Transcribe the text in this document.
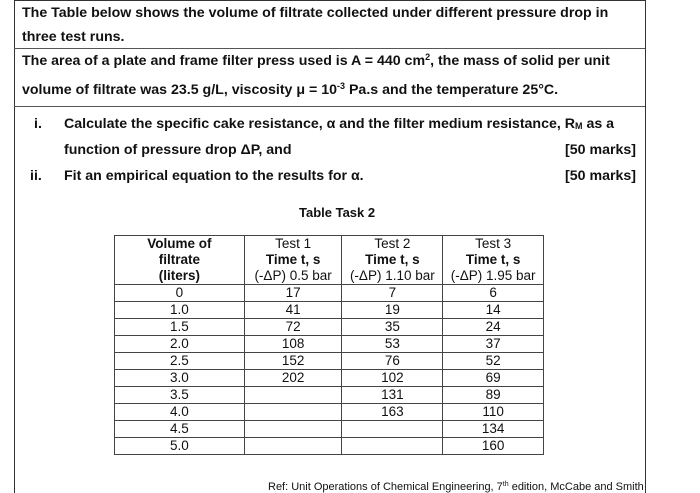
The Table below shows the volume of filtrate collected under different pressure drop in
three test runs.
The area of a plate and frame filter press used is A = 440 $cm^2$, the mass of solid per unit
volume of filtrate was 23.5 g/L, viscosity $\mu = 10^{-3}$ Pa.s and the temperature 25°C.
i. Calculate the specific cake resistance, α and the filter medium resistance, $R_M$ as a
function of pressure drop ΔP, and	[50 marks]
ii. Fit an empirical equation to the results for α.	[50 marks]
Table Task 2
Volume of
filtrate
(liters)	Test 1
Time t, s
(-ΔP) 0.5 bar	Test 2
Time t, s
(-ΔP) 1.10 bar	Test 3
Time t, s
(-ΔP) 1.95 bar

0	17	7	6
1.0	41	19	14
1.5	72	35	24
2.0	108	53	37
2.5	152	76	52
3.0	202	102	69
3.5		131	89
4.0		163	110
4.5			134
5.0			160
Ref: Unit Operations of Chemical Engineering, 7th edition, McCabe and Smith
